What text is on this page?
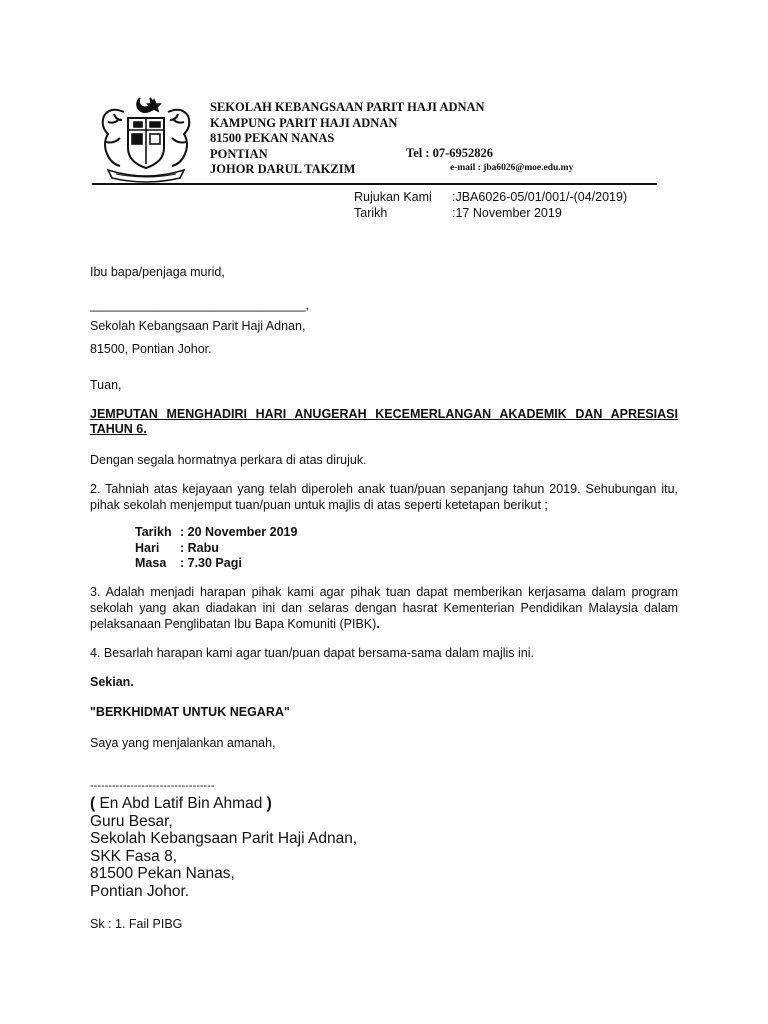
SEKOLAH KEBANGSAAN PARIT HAJI ADNAN
KAMPUNG PARIT HAJI ADNAN
81500 PEKAN NANAS
PONTIAN
JOHOR DARUL TAKZIM
Tel : 07-6952826
e-mail : jba6026@moe.edu.my
Rujukan Kami :JBA6026-05/01/001/-(04/2019)
Tarikh	:17 November 2019
Ibu bapa/penjaga murid,
_______________________________,
Sekolah Kebangsaan Parit Haji Adnan,
81500, Pontian Johor.
Tuan,
JEMPUTAN MENGHADIRI HARI ANUGERAH KECEMERLANGAN AKADEMIK DAN APRESIASI TAHUN 6.
Dengan segala hormatnya perkara di atas dirujuk.
2. Tahniah atas kejayaan yang telah diperoleh anak tuan/puan sepanjang tahun 2019. Sehubungan itu, pihak sekolah menjemput tuan/puan untuk majlis di atas seperti ketetapan berikut ;
Tarikh : 20 November 2019
Hari : Rabu
Masa : 7.30 Pagi
3. Adalah menjadi harapan pihak kami agar pihak tuan dapat memberikan kerjasama dalam program sekolah yang akan diadakan ini dan selaras dengan hasrat Kementerian Pendidikan Malaysia dalam pelaksanaan Penglibatan Ibu Bapa Komuniti (PIBK).
4. Besarlah harapan kami agar tuan/puan dapat bersama-sama dalam majlis ini.
Sekian.
"BERKHIDMAT UNTUK NEGARA"
Saya yang menjalankan amanah,
----------------------------------
( En Abd Latif Bin Ahmad )
Guru Besar,
Sekolah Kebangsaan Parit Haji Adnan,
SKK Fasa 8,
81500 Pekan Nanas,
Pontian Johor.
Sk : 1. Fail PIBG
